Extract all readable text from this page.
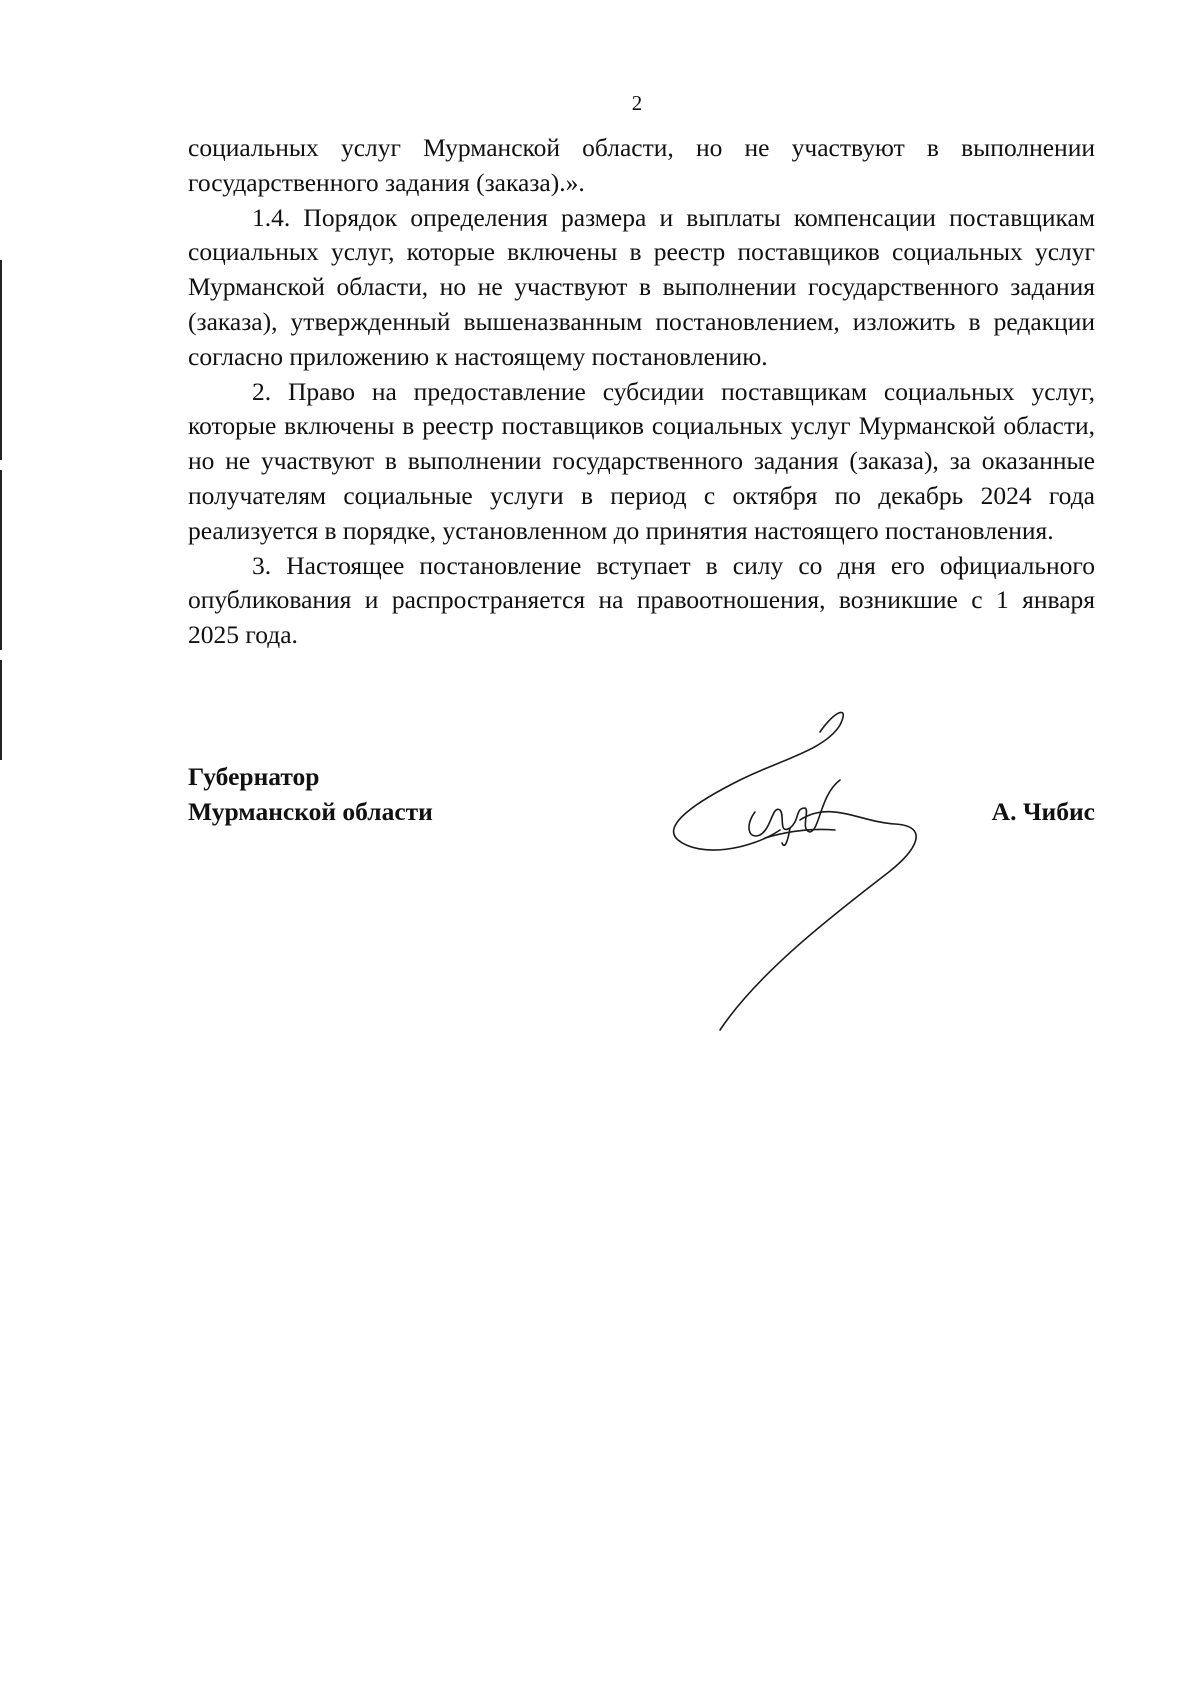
2

социальных услуг Мурманской области, но не участвуют в выполнении государственного задания (заказа).».

1.4. Порядок определения размера и выплаты компенсации поставщикам социальных услуг, которые включены в реестр поставщиков социальных услуг Мурманской области, но не участвуют в выполнении государственного задания (заказа), утвержденный вышеназванным постановлением, изложить в редакции согласно приложению к настоящему постановлению.

2. Право на предоставление субсидии поставщикам социальных услуг, которые включены в реестр поставщиков социальных услуг Мурманской области, но не участвуют в выполнении государственного задания (заказа), за оказанные получателям социальные услуги в период с октября по декабрь 2024 года реализуется в порядке, установленном до принятия настоящего постановления.

3. Настоящее постановление вступает в силу со дня его официального опубликования и распространяется на правоотношения, возникшие с 1 января 2025 года.

Губернатор
Мурманской области	А. Чибис
